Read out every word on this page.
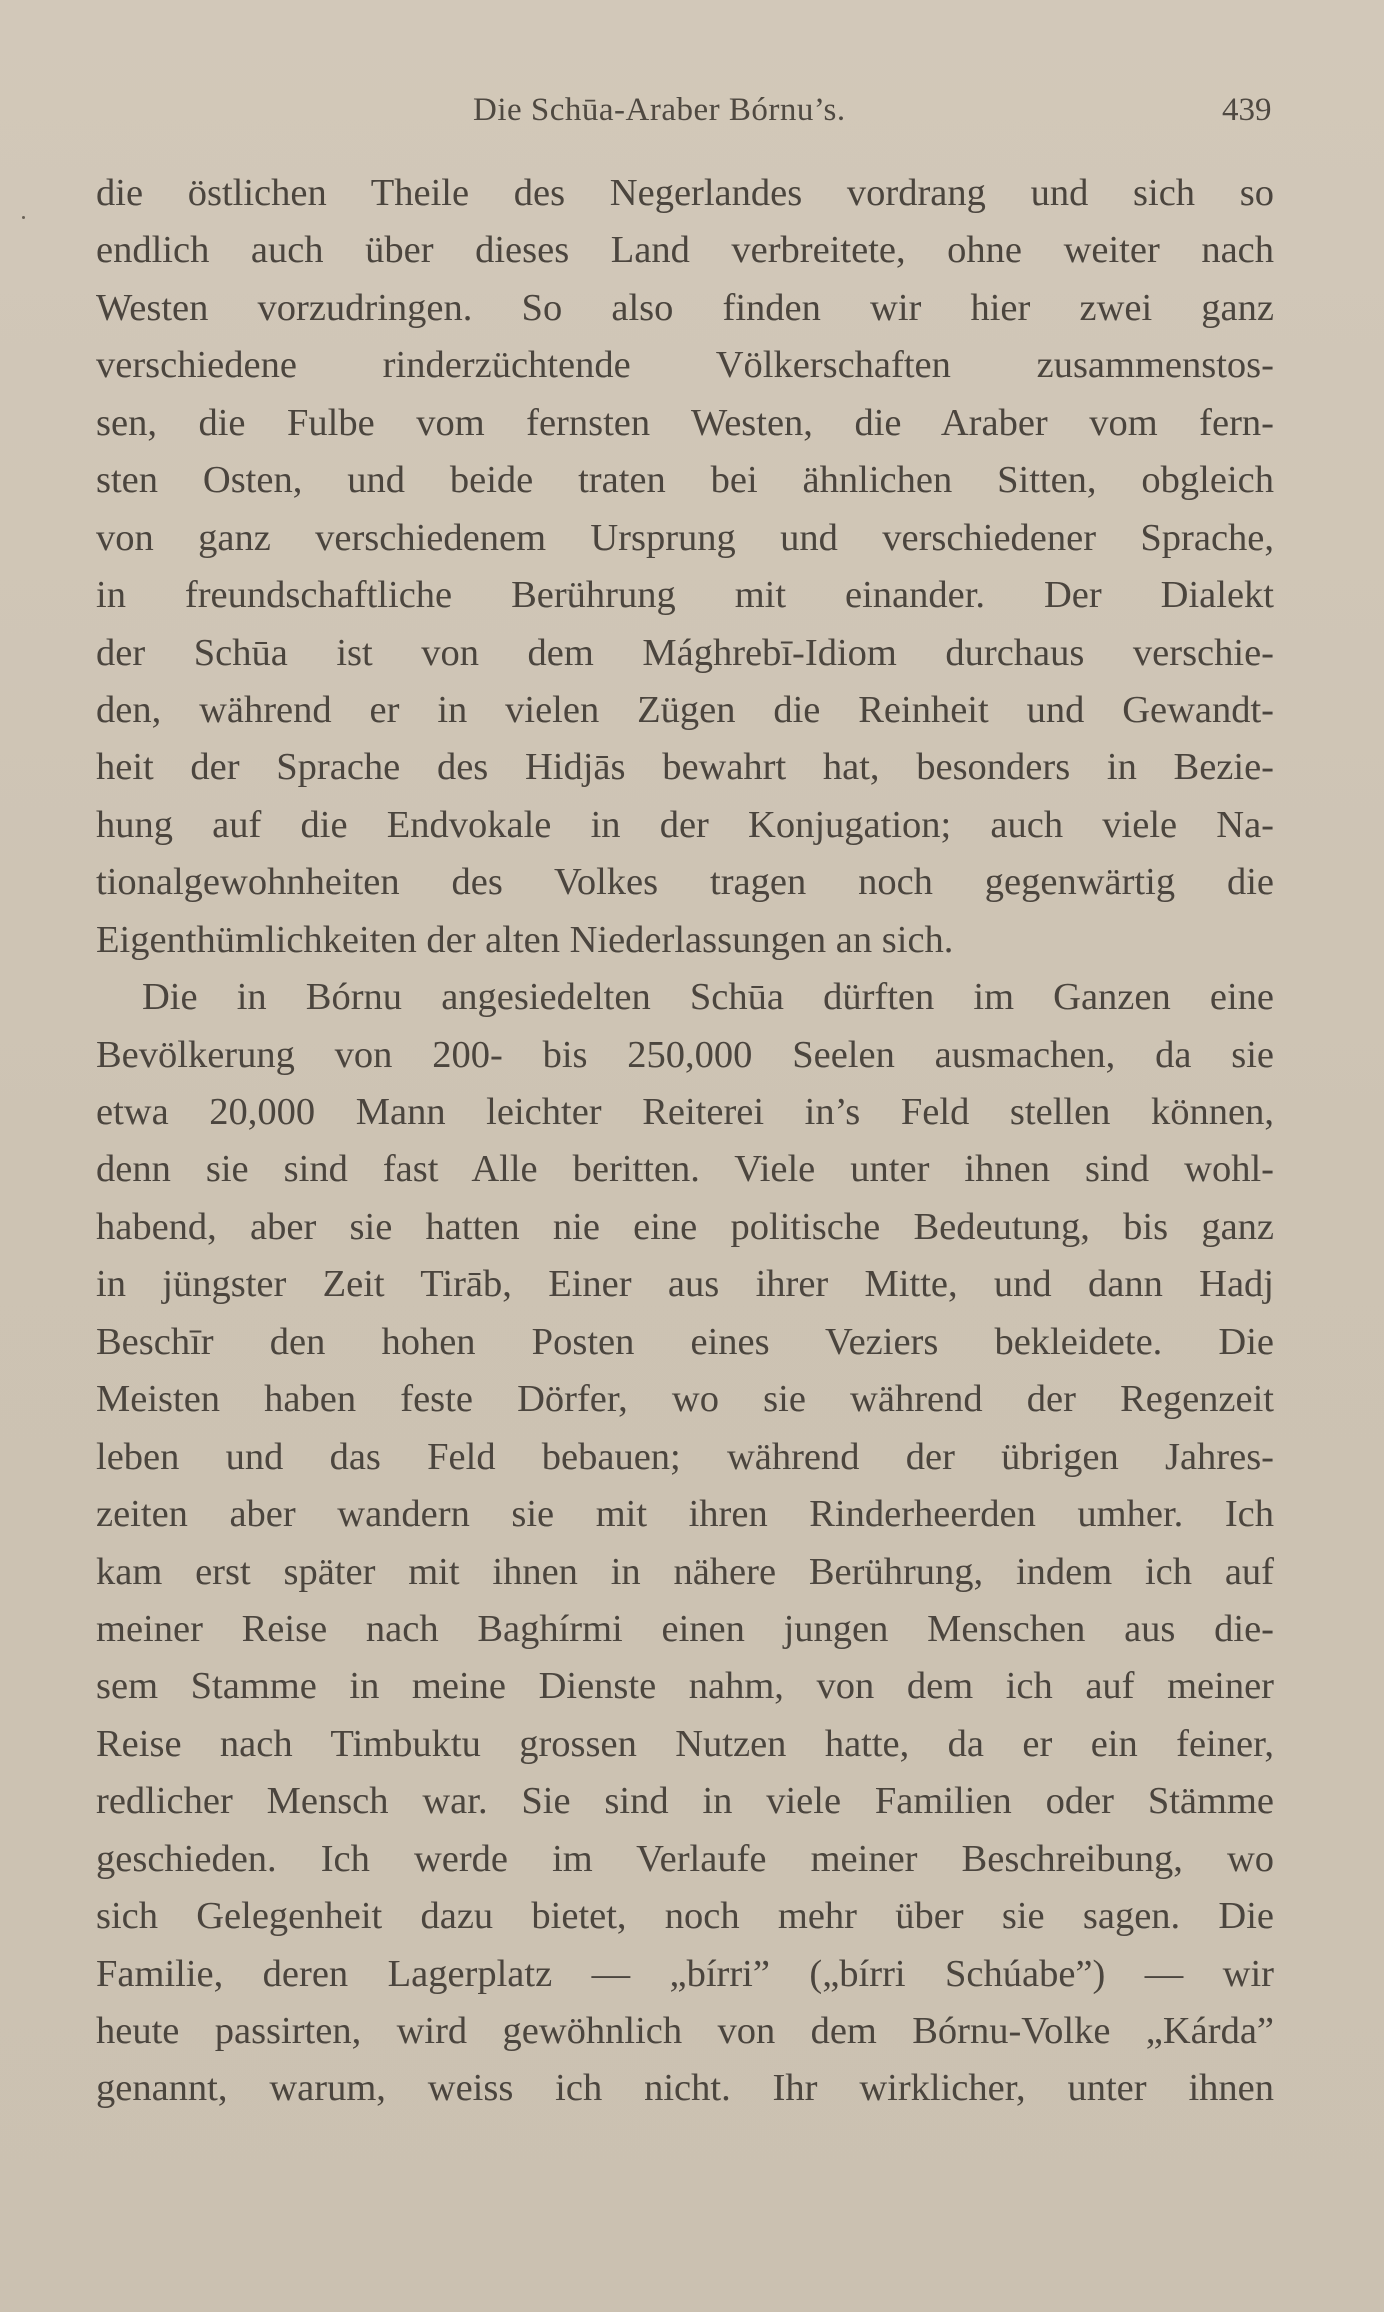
Die Schūa-Araber Bórnu’s.	439
die östlichen Theile des Negerlandes vordrang und sich so
endlich auch über dieses Land verbreitete, ohne weiter nach
Westen vorzudringen. So also finden wir hier zwei ganz
verschiedene rinderzüchtende Völkerschaften zusammenstos-
sen, die Fulbe vom fernsten Westen, die Araber vom fern-
sten Osten, und beide traten bei ähnlichen Sitten, obgleich
von ganz verschiedenem Ursprung und verschiedener Sprache,
in freundschaftliche Berührung mit einander. Der Dialekt
der Schūa ist von dem Mághrebī-Idiom durchaus verschie-
den, während er in vielen Zügen die Reinheit und Gewandt-
heit der Sprache des Hidjās bewahrt hat, besonders in Bezie-
hung auf die Endvokale in der Konjugation; auch viele Na-
tionalgewohnheiten des Volkes tragen noch gegenwärtig die
Eigenthümlichkeiten der alten Niederlassungen an sich.
Die in Bórnu angesiedelten Schūa dürften im Ganzen eine
Bevölkerung von 200- bis 250,000 Seelen ausmachen, da sie
etwa 20,000 Mann leichter Reiterei in’s Feld stellen können,
denn sie sind fast Alle beritten. Viele unter ihnen sind wohl-
habend, aber sie hatten nie eine politische Bedeutung, bis ganz
in jüngster Zeit Tirāb, Einer aus ihrer Mitte, und dann Hadj
Beschīr den hohen Posten eines Veziers bekleidete. Die
Meisten haben feste Dörfer, wo sie während der Regenzeit
leben und das Feld bebauen; während der übrigen Jahres-
zeiten aber wandern sie mit ihren Rinderheerden umher. Ich
kam erst später mit ihnen in nähere Berührung, indem ich auf
meiner Reise nach Baghírmi einen jungen Menschen aus die-
sem Stamme in meine Dienste nahm, von dem ich auf meiner
Reise nach Timbuktu grossen Nutzen hatte, da er ein feiner,
redlicher Mensch war. Sie sind in viele Familien oder Stämme
geschieden. Ich werde im Verlaufe meiner Beschreibung, wo
sich Gelegenheit dazu bietet, noch mehr über sie sagen. Die
Familie, deren Lagerplatz — „bírri” („bírri Schúabe”) — wir
heute passirten, wird gewöhnlich von dem Bórnu-Volke „Kárda”
genannt, warum, weiss ich nicht. Ihr wirklicher, unter ihnen
